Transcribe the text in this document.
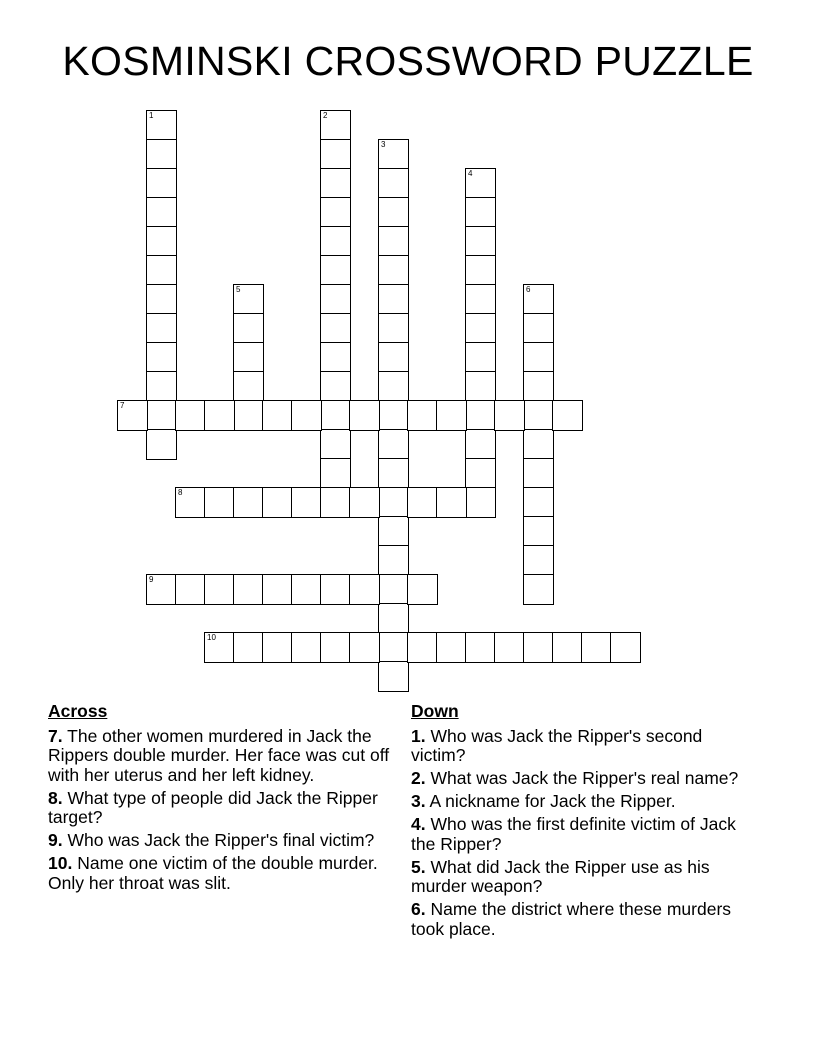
KOSMINSKI CROSSWORD PUZZLE
1	2
3
4
5	6
7
8
9
10
Across
7. The other women murdered in Jack the Rippers double murder. Her face was cut off with her uterus and her left kidney.
8. What type of people did Jack the Ripper target?
9. Who was Jack the Ripper's final victim?
10. Name one victim of the double murder. Only her throat was slit.
Down
1. Who was Jack the Ripper's second victim?
2. What was Jack the Ripper's real name?
3. A nickname for Jack the Ripper.
4. Who was the first definite victim of Jack the Ripper?
5. What did Jack the Ripper use as his murder weapon?
6. Name the district where these murders took place.
